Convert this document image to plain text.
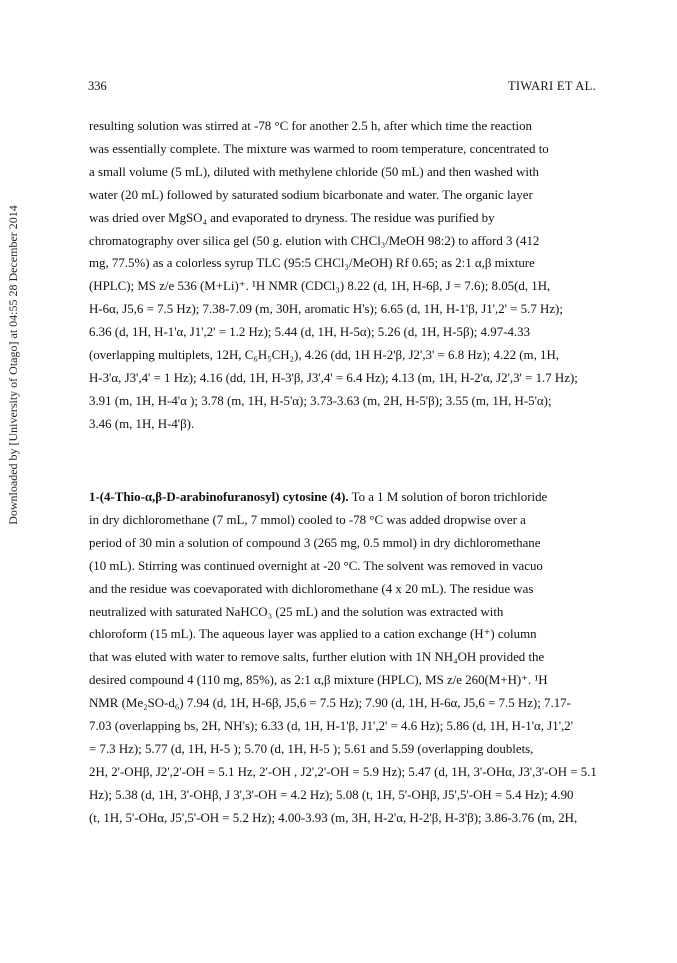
336	TIWARI ET AL.
Downloaded by [University of Otago] at 04:55 28 December 2014
resulting solution was stirred at -78 °C for another 2.5 h, after which time the reaction
was essentially complete. The mixture was warmed to room temperature, concentrated to
a small volume (5 mL), diluted with methylene chloride (50 mL) and then washed with
water (20 mL) followed by saturated sodium bicarbonate and water. The organic layer
was dried over MgSO₄ and evaporated to dryness. The residue was purified by
chromatography over silica gel (50 g. elution with CHCl₃/MeOH 98:2) to afford 3 (412
mg, 77.5%) as a colorless syrup TLC (95:5 CHCl₃/MeOH) Rf 0.65; as 2:1 α,β mixture
(HPLC); MS z/e 536 (M+Li)⁺. ¹H NMR (CDCl₃) 8.22 (d, 1H, H-6β, J = 7.6); 8.05(d, 1H,
H-6α, J5,6 = 7.5 Hz); 7.38-7.09 (m, 30H, aromatic H's); 6.65 (d, 1H, H-1'β, J1',2' = 5.7 Hz);
6.36 (d, 1H, H-1'α, J1',2' = 1.2 Hz); 5.44 (d, 1H, H-5α); 5.26 (d, 1H, H-5β); 4.97-4.33
(overlapping multiplets, 12H, C₆H₅CH₂), 4.26 (dd, 1H H-2'β, J2',3' = 6.8 Hz); 4.22 (m, 1H,
H-3'α, J3',4' = 1 Hz); 4.16 (dd, 1H, H-3'β, J3',4' = 6.4 Hz); 4.13 (m, 1H, H-2'α, J2',3' = 1.7 Hz);
3.91 (m, 1H, H-4'α ); 3.78 (m, 1H, H-5'α); 3.73-3.63 (m, 2H, H-5'β); 3.55 (m, 1H, H-5'α);
3.46 (m, 1H, H-4'β).
1-(4-Thio-α,β-D-arabinofuranosyl) cytosine (4). To a 1 M solution of boron trichloride
in dry dichloromethane (7 mL, 7 mmol) cooled to -78 °C was added dropwise over a
period of 30 min a solution of compound 3 (265 mg, 0.5 mmol) in dry dichloromethane
(10 mL). Stirring was continued overnight at -20 °C. The solvent was removed in vacuo
and the residue was coevaporated with dichloromethane (4 x 20 mL). The residue was
neutralized with saturated NaHCO₃ (25 mL) and the solution was extracted with
chloroform (15 mL). The aqueous layer was applied to a cation exchange (H⁺) column
that was eluted with water to remove salts, further elution with 1N NH₄OH provided the
desired compound 4 (110 mg, 85%), as 2:1 α,β mixture (HPLC), MS z/e 260(M+H)⁺. ¹H
NMR (Me₂SO-d₆) 7.94 (d, 1H, H-6β, J5,6 = 7.5 Hz); 7.90 (d, 1H, H-6α, J5,6 = 7.5 Hz); 7.17-
7.03 (overlapping bs, 2H, NH's); 6.33 (d, 1H, H-1'β, J1',2' = 4.6 Hz); 5.86 (d, 1H, H-1'α, J1',2'
= 7.3 Hz); 5.77 (d, 1H, H-5 ); 5.70 (d, 1H, H-5 ); 5.61 and 5.59 (overlapping doublets,
2H, 2'-OHβ, J2',2'-OH = 5.1 Hz, 2'-OH , J2',2'-OH = 5.9 Hz); 5.47 (d, 1H, 3'-OHα, J3',3'-OH = 5.1
Hz); 5.38 (d, 1H, 3'-OHβ, J 3',3'-OH = 4.2 Hz); 5.08 (t, 1H, 5'-OHβ, J5',5'-OH = 5.4 Hz); 4.90
(t, 1H, 5'-OHα, J5',5'-OH = 5.2 Hz); 4.00-3.93 (m, 3H, H-2'α, H-2'β, H-3'β); 3.86-3.76 (m, 2H,
